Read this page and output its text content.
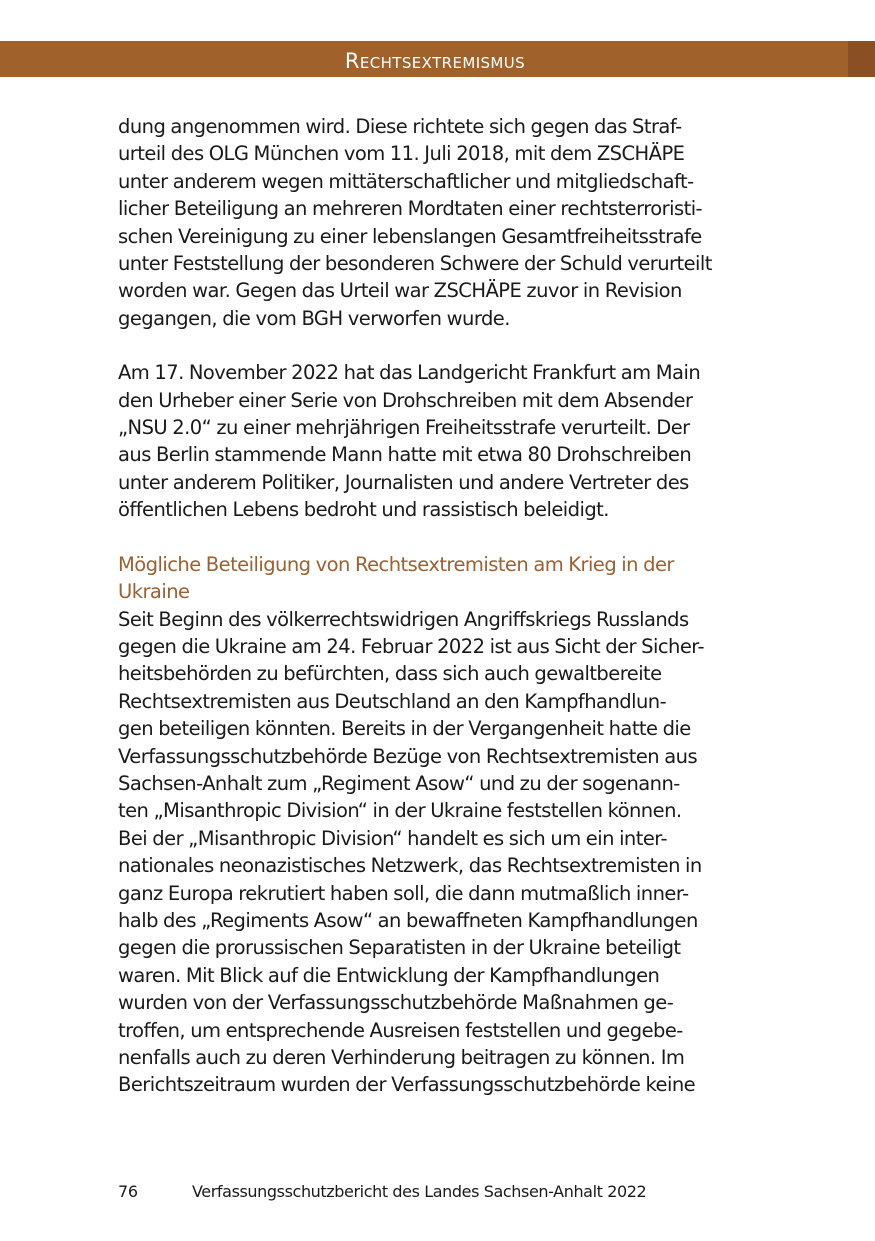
Rechtsextremismus

dung angenommen wird. Diese richtete sich gegen das Straf-
urteil des OLG München vom 11. Juli 2018, mit dem ZSCHÄPE
unter anderem wegen mittäterschaftlicher und mitgliedschaft-
licher Beteiligung an mehreren Mordtaten einer rechtsterroristi-
schen Vereinigung zu einer lebenslangen Gesamtfreiheitsstrafe
unter Feststellung der besonderen Schwere der Schuld verurteilt
worden war. Gegen das Urteil war ZSCHÄPE zuvor in Revision
gegangen, die vom BGH verworfen wurde.

Am 17. November 2022 hat das Landgericht Frankfurt am Main
den Urheber einer Serie von Drohschreiben mit dem Absender
„NSU 2.0“ zu einer mehrjährigen Freiheitsstrafe verurteilt. Der
aus Berlin stammende Mann hatte mit etwa 80 Drohschreiben
unter anderem Politiker, Journalisten und andere Vertreter des
öffentlichen Lebens bedroht und rassistisch beleidigt.

Mögliche Beteiligung von Rechtsextremisten am Krieg in der
Ukraine

Seit Beginn des völkerrechtswidrigen Angriffskriegs Russlands
gegen die Ukraine am 24. Februar 2022 ist aus Sicht der Sicher-
heitsbehörden zu befürchten, dass sich auch gewaltbereite
Rechtsextremisten aus Deutschland an den Kampfhandlun-
gen beteiligen könnten. Bereits in der Vergangenheit hatte die
Verfassungsschutzbehörde Bezüge von Rechtsextremisten aus
Sachsen-Anhalt zum „Regiment Asow“ und zu der sogenann-
ten „Misanthropic Division“ in der Ukraine feststellen können.
Bei der „Misanthropic Division“ handelt es sich um ein inter-
nationales neonazistisches Netzwerk, das Rechtsextremisten in
ganz Europa rekrutiert haben soll, die dann mutmaßlich inner-
halb des „Regiments Asow“ an bewaffneten Kampfhandlungen
gegen die prorussischen Separatisten in der Ukraine beteiligt
waren. Mit Blick auf die Entwicklung der Kampfhandlungen
wurden von der Verfassungsschutzbehörde Maßnahmen ge-
troffen, um entsprechende Ausreisen feststellen und gegebe-
nenfalls auch zu deren Verhinderung beitragen zu können. Im
Berichtszeitraum wurden der Verfassungsschutzbehörde keine

76	Verfassungsschutzbericht des Landes Sachsen-Anhalt 2022
